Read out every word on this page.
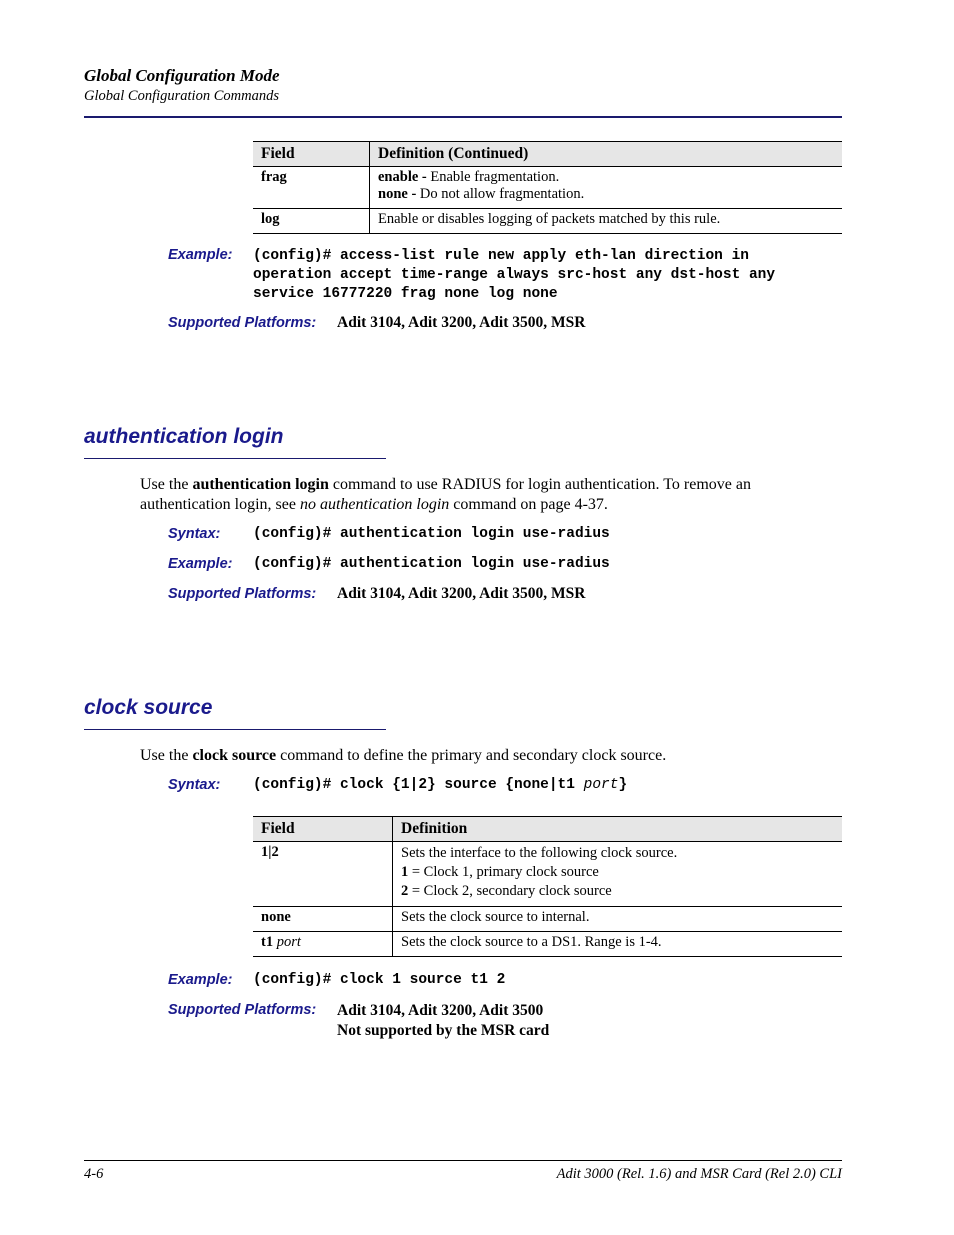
Global Configuration Mode
Global Configuration Commands
Field	Definition (Continued)
frag	enable - Enable fragmentation.
none - Do not allow fragmentation.

log	Enable or disables logging of packets matched by this rule.
Example: (config)# access-list rule new apply eth-lan direction in
operation accept time-range always src-host any dst-host any
service 16777220 frag none log none
Supported Platforms: Adit 3104, Adit 3200, Adit 3500, MSR
authentication login
Use the authentication login command to use RADIUS for login authentication. To remove an authentication login, see no authentication login command on page 4-37.
Syntax: (config)# authentication login use-radius
Example: (config)# authentication login use-radius
Supported Platforms: Adit 3104, Adit 3200, Adit 3500, MSR
clock source
Use the clock source command to define the primary and secondary clock source.
Syntax: (config)# clock {1|2} source {none|t1 port}
Field	Definition
1|2	Sets the interface to the following clock source.
1 = Clock 1, primary clock source
2 = Clock 2, secondary clock source

none	Sets the clock source to internal.
t1 port	Sets the clock source to a DS1. Range is 1-4.
Example: (config)# clock 1 source t1 2
Supported Platforms: Adit 3104, Adit 3200, Adit 3500
Not supported by the MSR card
4-6	Adit 3000 (Rel. 1.6) and MSR Card (Rel 2.0) CLI
